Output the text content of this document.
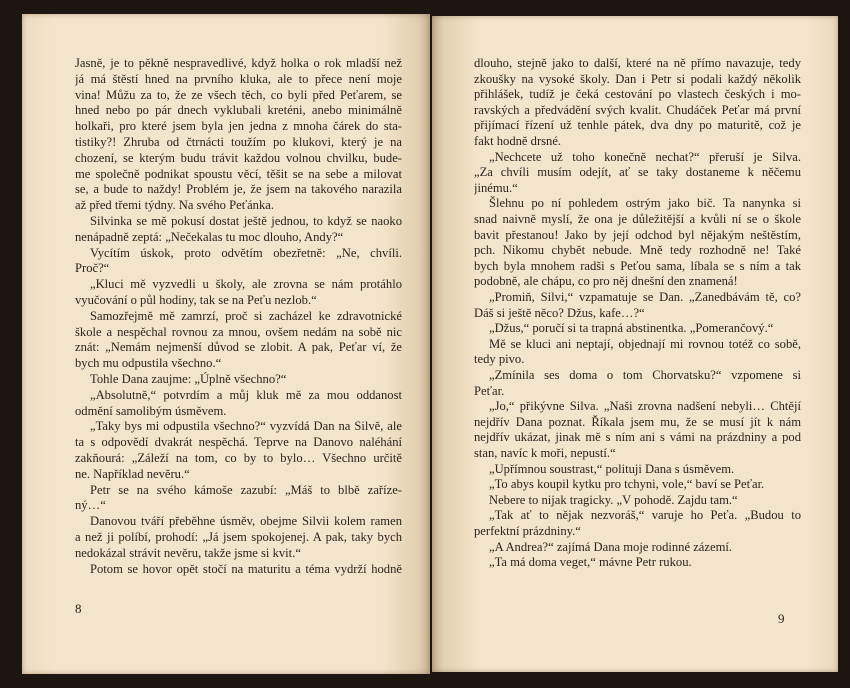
Jasně, je to pěkně nespravedlivé, když holka o rok mladší než
já má štěstí hned na prvního kluka, ale to přece není moje
vina! Můžu za to, že ze všech těch, co byli před Peťarem, se
hned nebo po pár dnech vyklubali kreténi, anebo minimálně
holkaři, pro které jsem byla jen jedna z mnoha čárek do sta-
tistiky?! Zhruba od čtrnácti toužím po klukovi, který je na
chození, se kterým budu trávit každou volnou chvilku, bude-
me společně podnikat spoustu věcí, těšit se na sebe a milovat
se, a bude to naždy! Problém je, že jsem na takového narazila
až před třemi týdny. Na svého Peťánka.
Silvinka se mě pokusí dostat ještě jednou, to když se naoko
nenápadně zeptá: „Nečekalas tu moc dlouho, Andy?“
Vycítím úskok, proto odvětím obezřetně: „Ne, chvíli.
Proč?“
„Kluci mě vyzvedli u školy, ale zrovna se nám protáhlo
vyučování o půl hodiny, tak se na Peťu nezlob.“
Samozřejmě mě zamrzí, proč si zacházel ke zdravotnické
škole a nespěchal rovnou za mnou, ovšem nedám na sobě nic
znát: „Nemám nejmenší důvod se zlobit. A pak, Peťar ví, že
bych mu odpustila všechno.“
Tohle Dana zaujme: „Úplně všechno?“
„Absolutně,“ potvrdím a můj kluk mě za mou oddanost
odmění samolibým úsměvem.
„Taky bys mi odpustila všechno?“ vyzvídá Dan na Silvě, ale
ta s odpovědí dvakrát nespěchá. Teprve na Danovo naléhání
zakňourá: „Záleží na tom, co by to bylo… Všechno určitě
ne. Například nevěru.“
Petr se na svého kámoše zazubí: „Máš to blbě zaříze-
ný…“
Danovou tváří přeběhne úsměv, obejme Silvii kolem ramen
a než ji políbí, prohodí: „Já jsem spokojenej. A pak, taky bych
nedokázal strávit nevěru, takže jsme si kvit.“
Potom se hovor opět stočí na maturitu a téma vydrží hodně
8
dlouho, stejně jako to další, které na ně přímo navazuje, tedy
zkoušky na vysoké školy. Dan i Petr si podali každý několik
přihlášek, tudíž je čeká cestování po vlastech českých i mo-
ravských a předvádění svých kvalit. Chudáček Peťar má první
přijímací řízení už tenhle pátek, dva dny po maturitě, což je
fakt hodně drsné.
„Nechcete už toho konečně nechat?“ přeruší je Silva.
„Za chvíli musím odejít, ať se taky dostaneme k něčemu
jinému.“
Šlehnu po ní pohledem ostrým jako bič. Ta nanynka si
snad naivně myslí, že ona je důležitější a kvůli ní se o škole
bavit přestanou! Jako by její odchod byl nějakým neštěstím,
pch. Nikomu chybět nebude. Mně tedy rozhodně ne! Také
bych byla mnohem radši s Peťou sama, líbala se s ním a tak
podobně, ale chápu, co pro něj dnešní den znamená!
„Promiň, Silvi,“ vzpamatuje se Dan. „Zanedbávám tě, co?
Dáš si ještě něco? Džus, kafe…?“
„Džus,“ poručí si ta trapná abstinentka. „Pomerančový.“
Mě se kluci ani neptají, objednají mi rovnou totéž co sobě,
tedy pivo.
„Zmínila ses doma o tom Chorvatsku?“ vzpomene si
Peťar.
„Jo,“ přikývne Silva. „Naši zrovna nadšení nebyli… Chtějí
nejdřív Dana poznat. Říkala jsem mu, že se musí jít k nám
nejdřív ukázat, jinak mě s ním ani s vámi na prázdniny a pod
stan, navíc k moři, nepustí.“
„Upřímnou soustrast,“ polituji Dana s úsměvem.
„To abys koupil kytku pro tchyni, vole,“ baví se Peťar.
Nebere to nijak tragicky. „V pohodě. Zajdu tam.“
„Tak ať to nějak nezvoráš,“ varuje ho Peťa. „Budou to
perfektní prázdniny.“
„A Andrea?“ zajímá Dana moje rodinné zázemí.
„Ta má doma veget,“ mávne Petr rukou.
9
